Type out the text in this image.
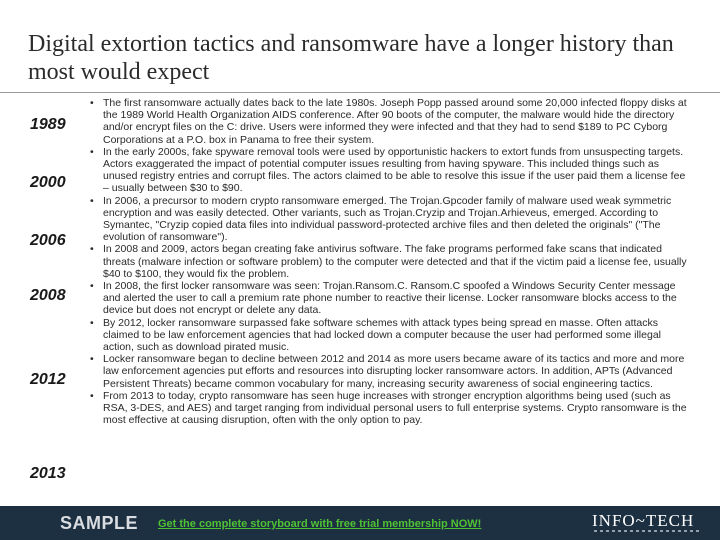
Digital extortion tactics and ransomware have a longer history than most would expect
1989
2000
2006
2008
2012
2013
• The first ransomware actually dates back to the late 1980s. Joseph Popp passed around some 20,000 infected floppy disks at the 1989 World Health Organization AIDS conference. After 90 boots of the computer, the malware would hide the directory and/or encrypt files on the C: drive. Users were informed they were infected and that they had to send $189 to PC Cyborg Corporations at a P.O. box in Panama to free their system.
• In the early 2000s, fake spyware removal tools were used by opportunistic hackers to extort funds from unsuspecting targets. Actors exaggerated the impact of potential computer issues resulting from having spyware. This included things such as unused registry entries and corrupt files. The actors claimed to be able to resolve this issue if the user paid them a license fee – usually between $30 to $90.
• In 2006, a precursor to modern crypto ransomware emerged. The Trojan.Gpcoder family of malware used weak symmetric encryption and was easily detected. Other variants, such as Trojan.Cryzip and Trojan.Arhieveus, emerged. According to Symantec, "Cryzip copied data files into individual password-protected archive files and then deleted the originals" ("The evolution of ransomware").
• In 2008 and 2009, actors began creating fake antivirus software. The fake programs performed fake scans that indicated threats (malware infection or software problem) to the computer were detected and that if the victim paid a license fee, usually $40 to $100, they would fix the problem.
• In 2008, the first locker ransomware was seen: Trojan.Ransom.C. Ransom.C spoofed a Windows Security Center message and alerted the user to call a premium rate phone number to reactive their license. Locker ransomware blocks access to the device but does not encrypt or delete any data.
• By 2012, locker ransomware surpassed fake software schemes with attack types being spread en masse. Often attacks claimed to be law enforcement agencies that had locked down a computer because the user had performed some illegal action, such as download pirated music.
• Locker ransomware began to decline between 2012 and 2014 as more users became aware of its tactics and more and more law enforcement agencies put efforts and resources into disrupting locker ransomware actors. In addition, APTs (Advanced Persistent Threats) became common vocabulary for many, increasing security awareness of social engineering tactics.
• From 2013 to today, crypto ransomware has seen huge increases with stronger encryption algorithms being used (such as RSA, 3-DES, and AES) and target ranging from individual personal users to full enterprise systems. Crypto ransomware is the most effective at causing disruption, often with the only option to pay.
SAMPLE Get the complete storyboard with free trial membership NOW!	INFO~TECH
